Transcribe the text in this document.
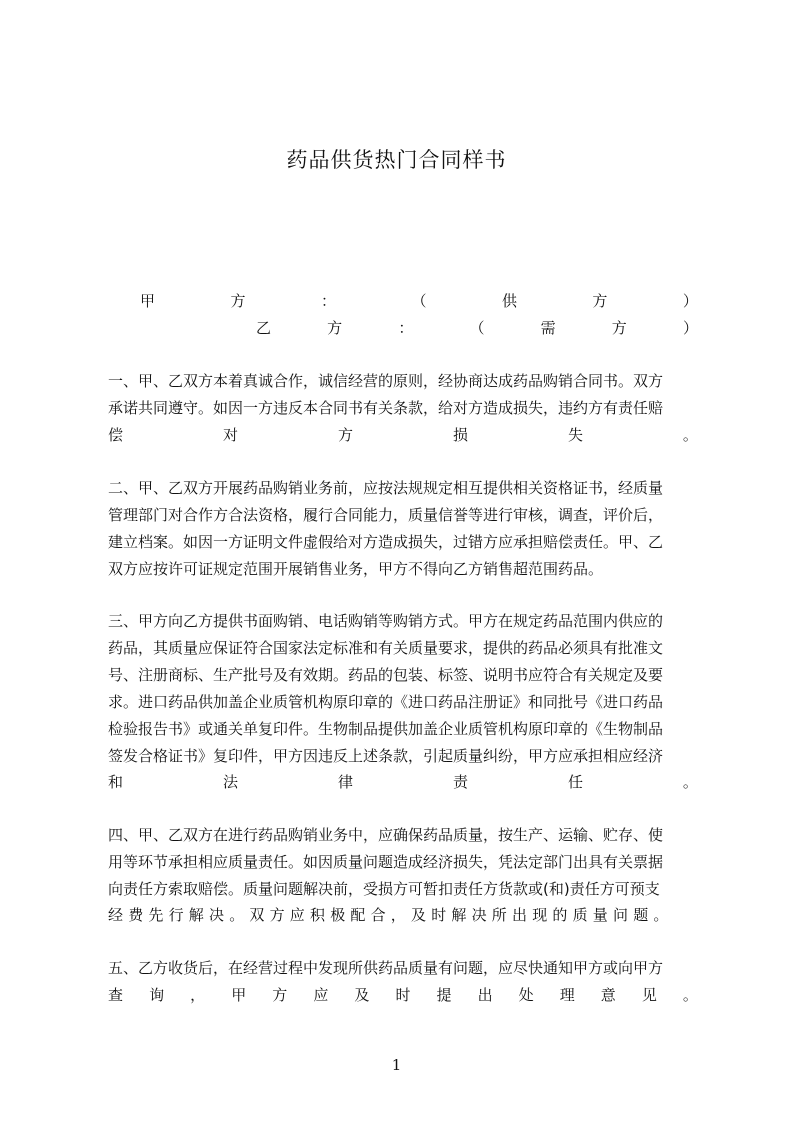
药品供货热门合同样书
甲	方	：	（	供	方	）
乙	方	：	（	需	方	）
一、甲、乙双方本着真诚合作，诚信经营的原则，经协商达成药品购销合同书。双方
承诺共同遵守。如因一方违反本合同书有关条款，给对方造成损失，违约方有责任赔
偿	对	方	损	失	。
二、甲、乙双方开展药品购销业务前，应按法规规定相互提供相关资格证书，经质量
管理部门对合作方合法资格，履行合同能力，质量信誉等进行审核，调查，评价后，
建立档案。如因一方证明文件虚假给对方造成损失，过错方应承担赔偿责任。甲、乙
双方应按许可证规定范围开展销售业务，甲方不得向乙方销售超范围药品。
三、甲方向乙方提供书面购销、电话购销等购销方式。甲方在规定药品范围内供应的
药品，其质量应保证符合国家法定标准和有关质量要求，提供的药品必须具有批准文
号、注册商标、生产批号及有效期。药品的包装、标签、说明书应符合有关规定及要
求。进口药品供加盖企业质管机构原印章的《进口药品注册证》和同批号《进口药品
检验报告书》或通关单复印件。生物制品提供加盖企业质管机构原印章的《生物制品
签发合格证书》复印件，甲方因违反上述条款，引起质量纠纷，甲方应承担相应经济
和	法	律	责	任	。
四、甲、乙双方在进行药品购销业务中，应确保药品质量，按生产、运输、贮存、使
用等环节承担相应质量责任。如因质量问题造成经济损失，凭法定部门出具有关票据
向责任方索取赔偿。质量问题解决前，受损方可暂扣责任方货款或(和)责任方可预支
经费先行解决。双方应积极配合，及时解决所出现的质量问题。
五、乙方收货后，在经营过程中发现所供药品质量有问题，应尽快通知甲方或向甲方
查 询 ， 甲 方 应 及 时 提 出 处 理 意 见 。
1
